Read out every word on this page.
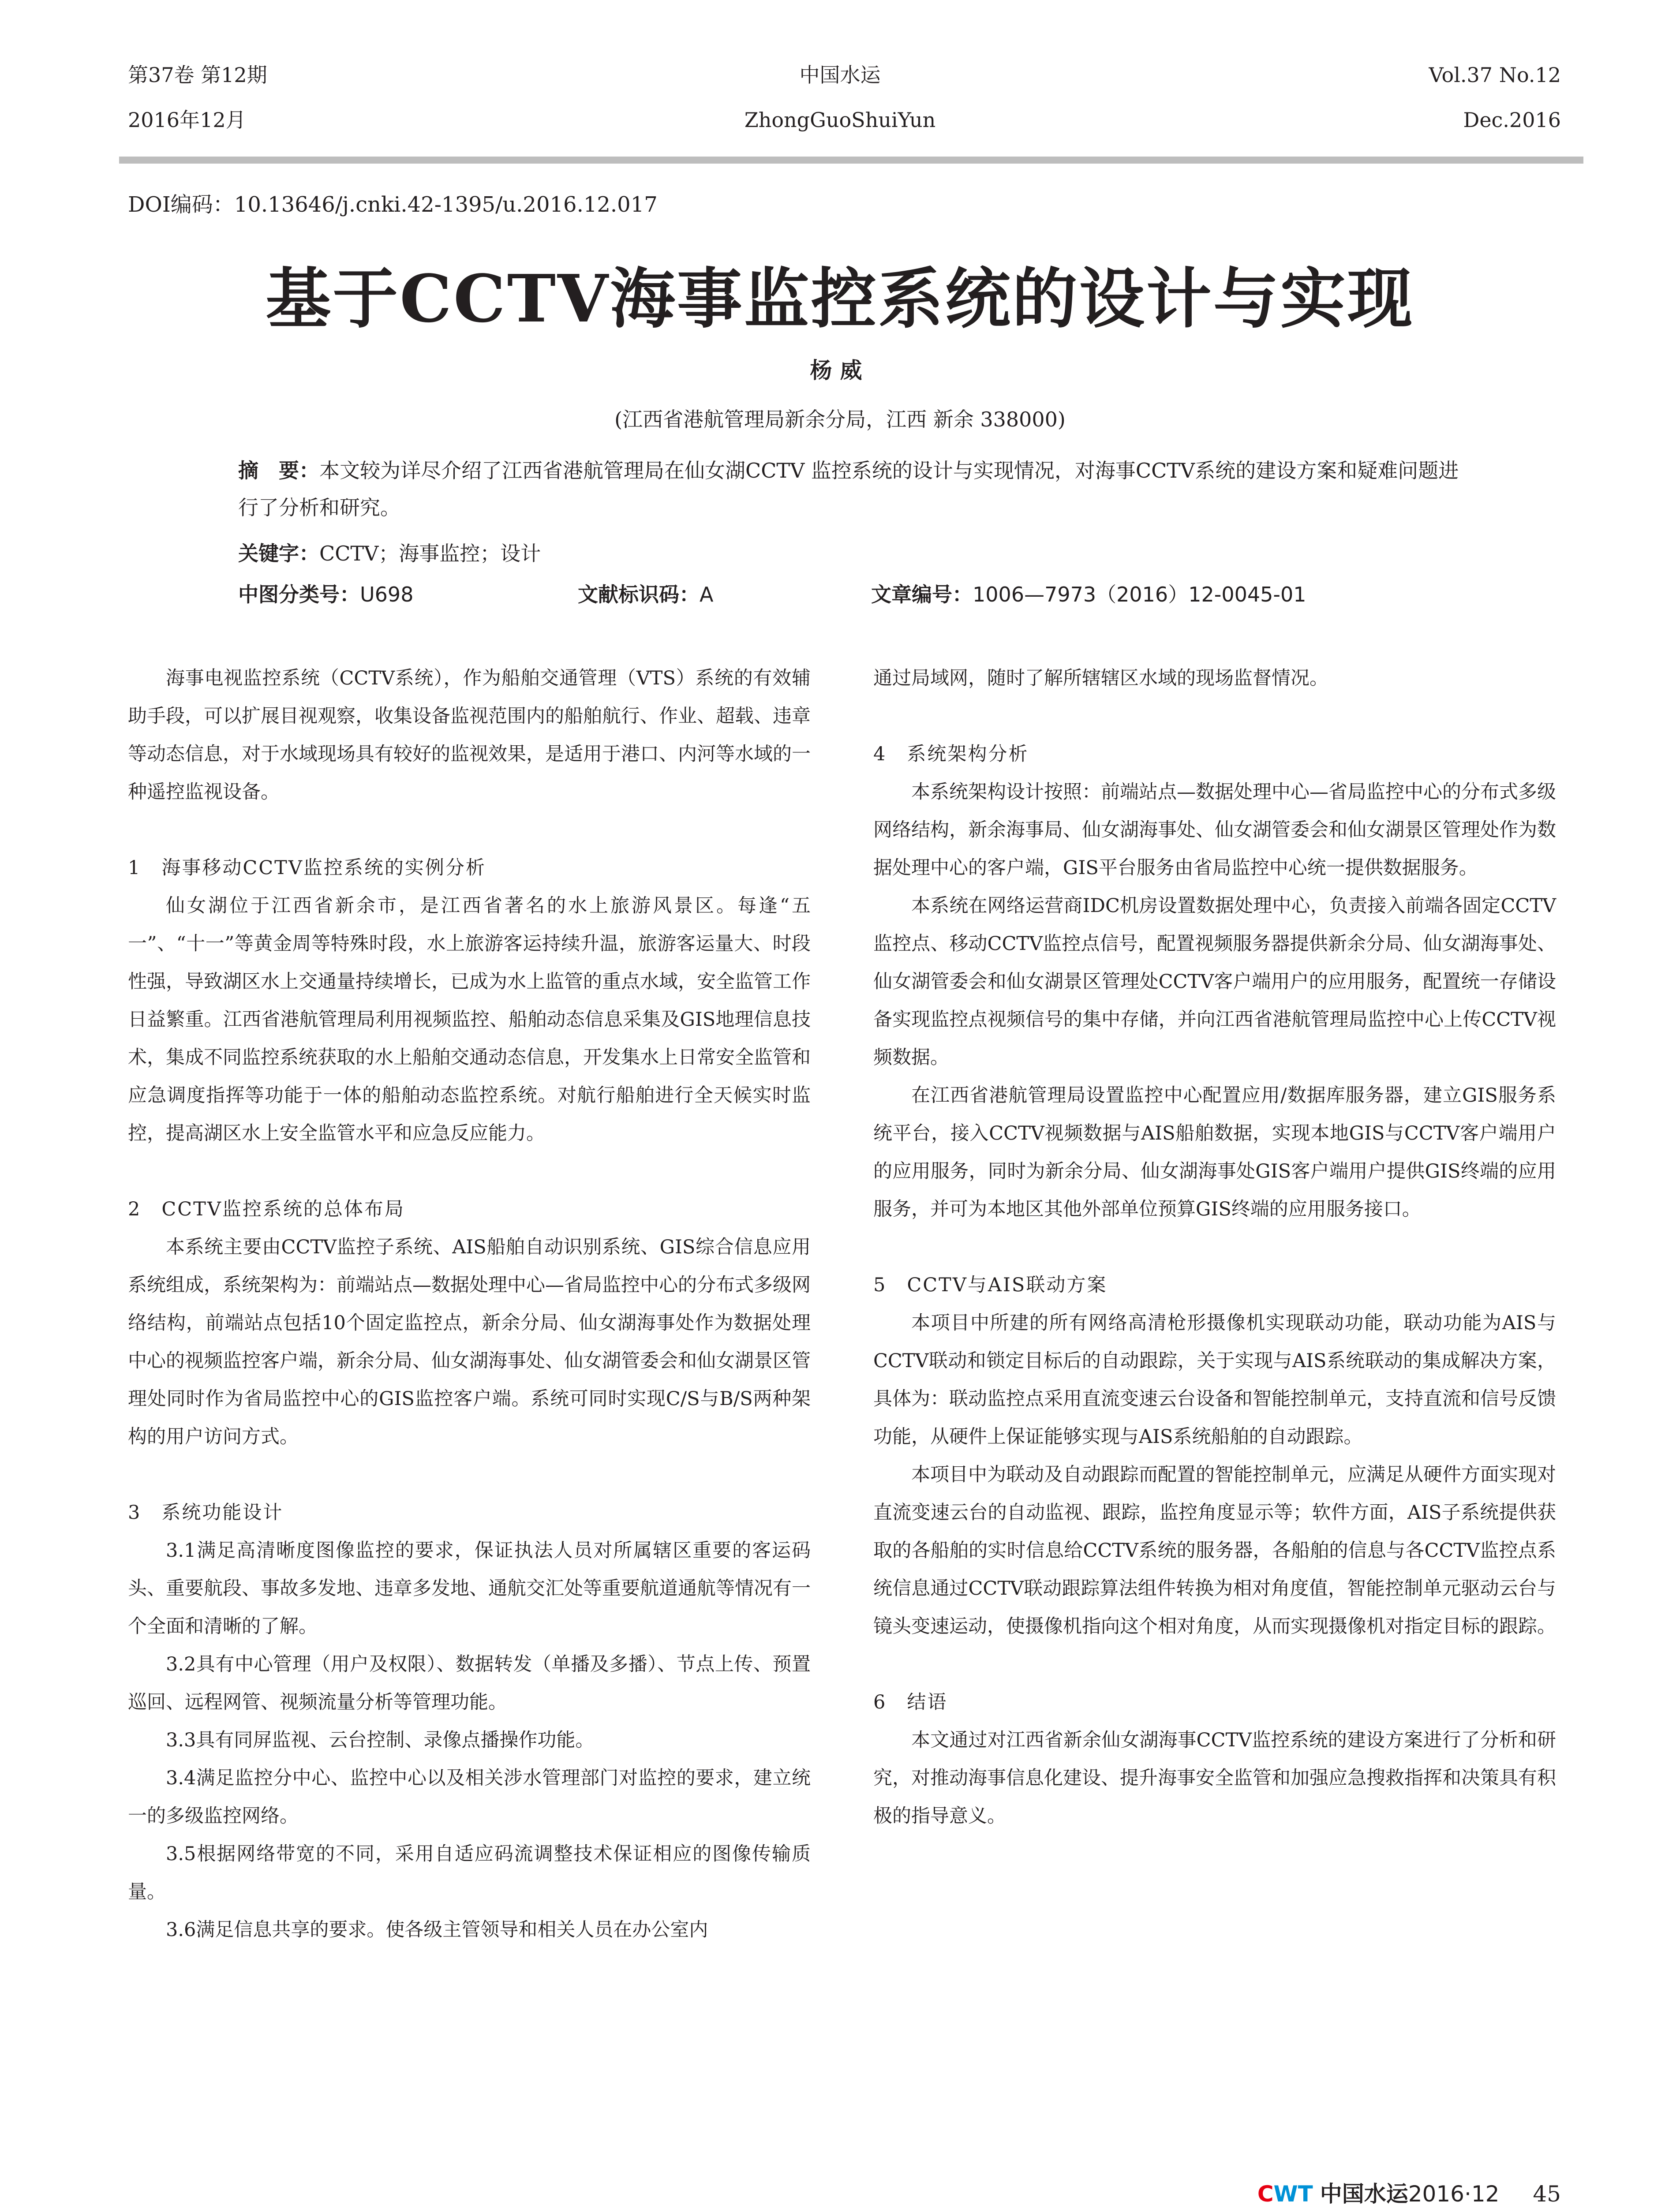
第37卷 第12期
2016年12月
中国水运
ZhongGuoShuiYun
Vol.37 No.12
Dec.2016
DOI编码：10.13646/j.cnki.42-1395/u.2016.12.017
基于CCTV海事监控系统的设计与实现
杨威
(江西省港航管理局新余分局，江西 新余 338000)
摘　要：本文较为详尽介绍了江西省港航管理局在仙女湖CCTV 监控系统的设计与实现情况，对海事CCTV系统的建设方案和疑难问题进行了分析和研究。
关键字：CCTV；海事监控；设计
中图分类号：U698	文献标识码：A	文章编号：1006—7973（2016）12-0045-01

海事电视监控系统（CCTV系统），作为船舶交通管理（VTS）系统的有效辅助手段，可以扩展目视观察，收集设备监视范围内的船舶航行、作业、超载、违章等动态信息，对于水域现场具有较好的监视效果，是适用于港口、内河等水域的一种遥控监视设备。

1　海事移动CCTV监控系统的实例分析

仙女湖位于江西省新余市，是江西省著名的水上旅游风景区。每逢“五一”、“十一”等黄金周等特殊时段，水上旅游客运持续升温，旅游客运量大、时段性强，导致湖区水上交通量持续增长，已成为水上监管的重点水域，安全监管工作日益繁重。江西省港航管理局利用视频监控、船舶动态信息采集及GIS地理信息技术，集成不同监控系统获取的水上船舶交通动态信息，开发集水上日常安全监管和应急调度指挥等功能于一体的船舶动态监控系统。对航行船舶进行全天候实时监控，提高湖区水上安全监管水平和应急反应能力。

2　CCTV监控系统的总体布局

本系统主要由CCTV监控子系统、AIS船舶自动识别系统、GIS综合信息应用系统组成，系统架构为：前端站点—数据处理中心—省局监控中心的分布式多级网络结构，前端站点包括10个固定监控点，新余分局、仙女湖海事处作为数据处理中心的视频监控客户端，新余分局、仙女湖海事处、仙女湖管委会和仙女湖景区管理处同时作为省局监控中心的GIS监控客户端。系统可同时实现C/S与B/S两种架构的用户访问方式。

3　系统功能设计

3.1满足高清晰度图像监控的要求，保证执法人员对所属辖区重要的客运码头、重要航段、事故多发地、违章多发地、通航交汇处等重要航道通航等情况有一个全面和清晰的了解。

3.2具有中心管理（用户及权限）、数据转发（单播及多播）、节点上传、预置巡回、远程网管、视频流量分析等管理功能。

3.3具有同屏监视、云台控制、录像点播操作功能。

3.4满足监控分中心、监控中心以及相关涉水管理部门对监控的要求，建立统一的多级监控网络。

3.5根据网络带宽的不同，采用自适应码流调整技术保证相应的图像传输质量。

3.6满足信息共享的要求。使各级主管领导和相关人员在办公室内

通过局域网，随时了解所辖辖区水域的现场监督情况。

4　系统架构分析

本系统架构设计按照：前端站点—数据处理中心—省局监控中心的分布式多级网络结构，新余海事局、仙女湖海事处、仙女湖管委会和仙女湖景区管理处作为数据处理中心的客户端，GIS平台服务由省局监控中心统一提供数据服务。

本系统在网络运营商IDC机房设置数据处理中心，负责接入前端各固定CCTV监控点、移动CCTV监控点信号，配置视频服务器提供新余分局、仙女湖海事处、仙女湖管委会和仙女湖景区管理处CCTV客户端用户的应用服务，配置统一存储设备实现监控点视频信号的集中存储，并向江西省港航管理局监控中心上传CCTV视频数据。

在江西省港航管理局设置监控中心配置应用/数据库服务器，建立GIS服务系统平台，接入CCTV视频数据与AIS船舶数据，实现本地GIS与CCTV客户端用户的应用服务，同时为新余分局、仙女湖海事处GIS客户端用户提供GIS终端的应用服务，并可为本地区其他外部单位预算GIS终端的应用服务接口。

5　CCTV与AIS联动方案

本项目中所建的所有网络高清枪形摄像机实现联动功能，联动功能为AIS与CCTV联动和锁定目标后的自动跟踪，关于实现与AIS系统联动的集成解决方案，具体为：联动监控点采用直流变速云台设备和智能控制单元，支持直流和信号反馈功能，从硬件上保证能够实现与AIS系统船舶的自动跟踪。

本项目中为联动及自动跟踪而配置的智能控制单元，应满足从硬件方面实现对直流变速云台的自动监视、跟踪，监控角度显示等；软件方面，AIS子系统提供获取的各船舶的实时信息给CCTV系统的服务器，各船舶的信息与各CCTV监控点系统信息通过CCTV联动跟踪算法组件转换为相对角度值，智能控制单元驱动云台与镜头变速运动，使摄像机指向这个相对角度，从而实现摄像机对指定目标的跟踪。

6　结语

本文通过对江西省新余仙女湖海事CCTV监控系统的建设方案进行了分析和研究，对推动海事信息化建设、提升海事安全监管和加强应急搜救指挥和决策具有积极的指导意义。

CWT 中国水运2016·12 45
